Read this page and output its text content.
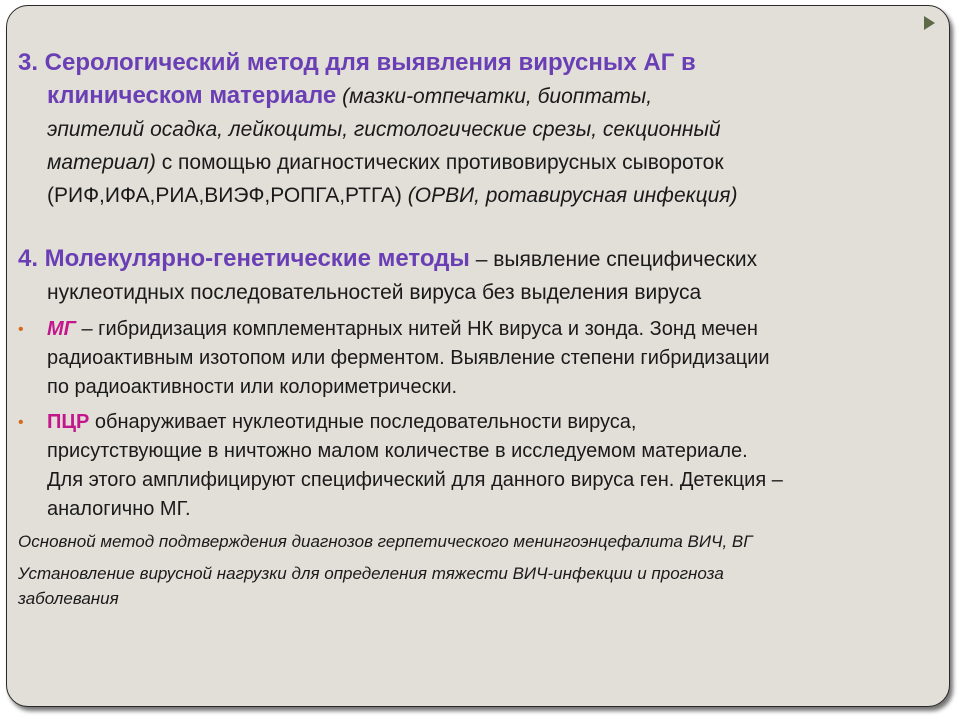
3. Серологический метод для выявления вирусных АГ в
клиническом материале (мазки-отпечатки, биоптаты,
эпителий осадка, лейкоциты, гистологические срезы, секционный
материал) с помощью диагностических противовирусных сывороток
(РИФ,ИФА,РИА,ВИЭФ,РОПГА,РТГА) (ОРВИ, ротавирусная инфекция)
4. Молекулярно-генетические методы – выявление специфических
нуклеотидных последовательностей вируса без выделения вируса
• МГ – гибридизация комплементарных нитей НК вируса и зонда. Зонд мечен
радиоактивным изотопом или ферментом. Выявление степени гибридизации
по радиоактивности или колориметрически.
• ПЦР обнаруживает нуклеотидные последовательности вируса,
присутствующие в ничтожно малом количестве в исследуемом материале.
Для этого амплифицируют специфический для данного вируса ген. Детекция –
аналогично МГ.
Основной метод подтверждения диагнозов герпетического менингоэнцефалита ВИЧ, ВГ
Установление вирусной нагрузки для определения тяжести ВИЧ-инфекции и прогноза
заболевания
